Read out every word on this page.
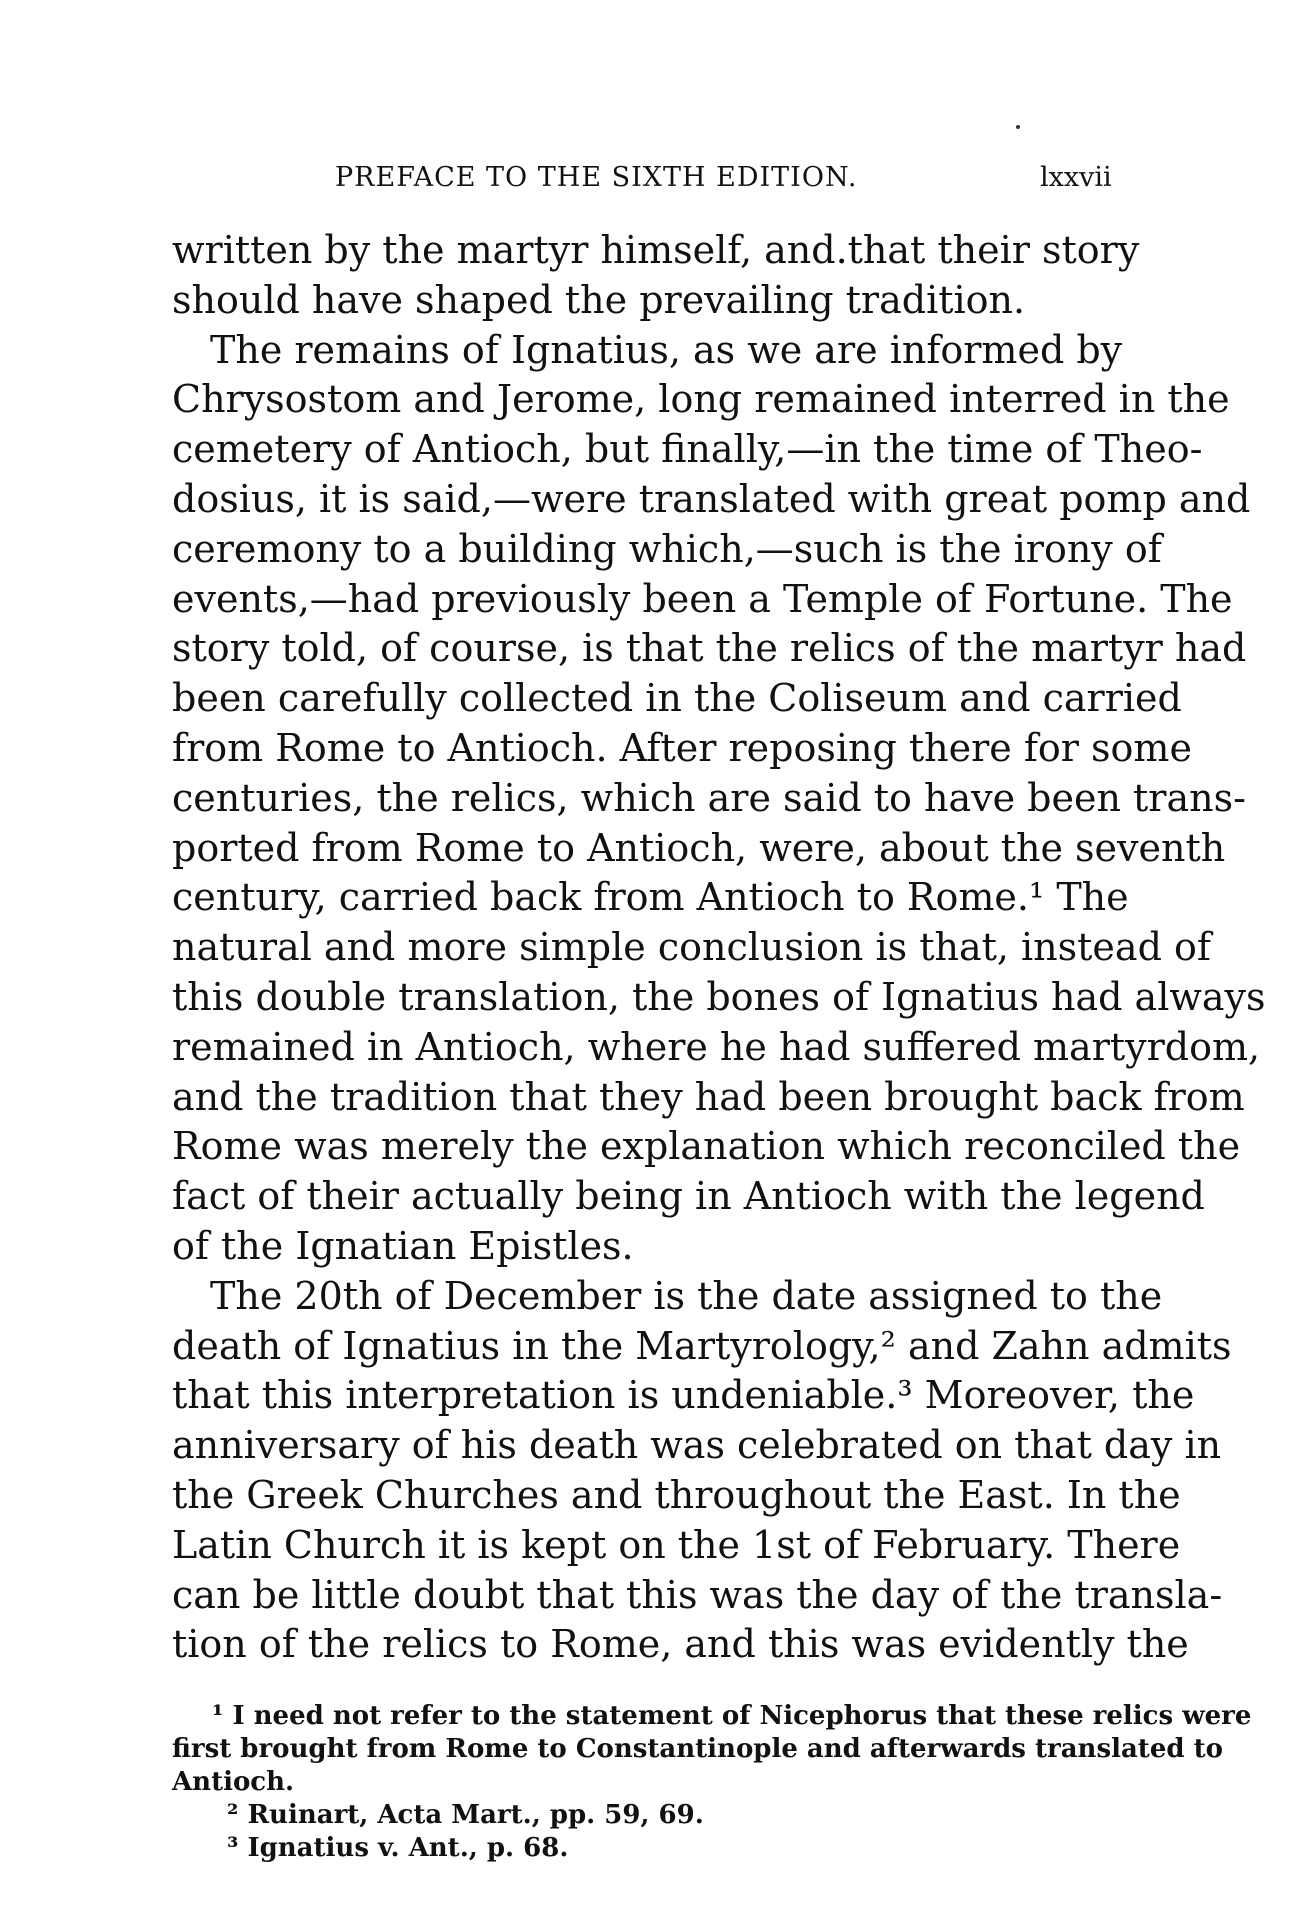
PREFACE TO THE SIXTH EDITION.	lxxvii
written by the martyr himself, and.that their story
should have shaped the prevailing tradition.
The remains of Ignatius, as we are informed by
Chrysostom and Jerome, long remained interred in the
cemetery of Antioch, but finally,—in the time of Theo-
dosius, it is said,—were translated with great pomp and
ceremony to a building which,—such is the irony of
events,—had previously been a Temple of Fortune. The
story told, of course, is that the relics of the martyr had
been carefully collected in the Coliseum and carried
from Rome to Antioch. After reposing there for some
centuries, the relics, which are said to have been trans-
ported from Rome to Antioch, were, about the seventh
century, carried back from Antioch to Rome.¹ The
natural and more simple conclusion is that, instead of
this double translation, the bones of Ignatius had always
remained in Antioch, where he had suffered martyrdom,
and the tradition that they had been brought back from
Rome was merely the explanation which reconciled the
fact of their actually being in Antioch with the legend
of the Ignatian Epistles.
The 20th of December is the date assigned to the
death of Ignatius in the Martyrology,² and Zahn admits
that this interpretation is undeniable.³ Moreover, the
anniversary of his death was celebrated on that day in
the Greek Churches and throughout the East. In the
Latin Church it is kept on the 1st of February. There
can be little doubt that this was the day of the transla-
tion of the relics to Rome, and this was evidently the
¹ I need not refer to the statement of Nicephorus that these relics were
first brought from Rome to Constantinople and afterwards translated to
Antioch.
² Ruinart, Acta Mart., pp. 59, 69.
³ Ignatius v. Ant., p. 68.
